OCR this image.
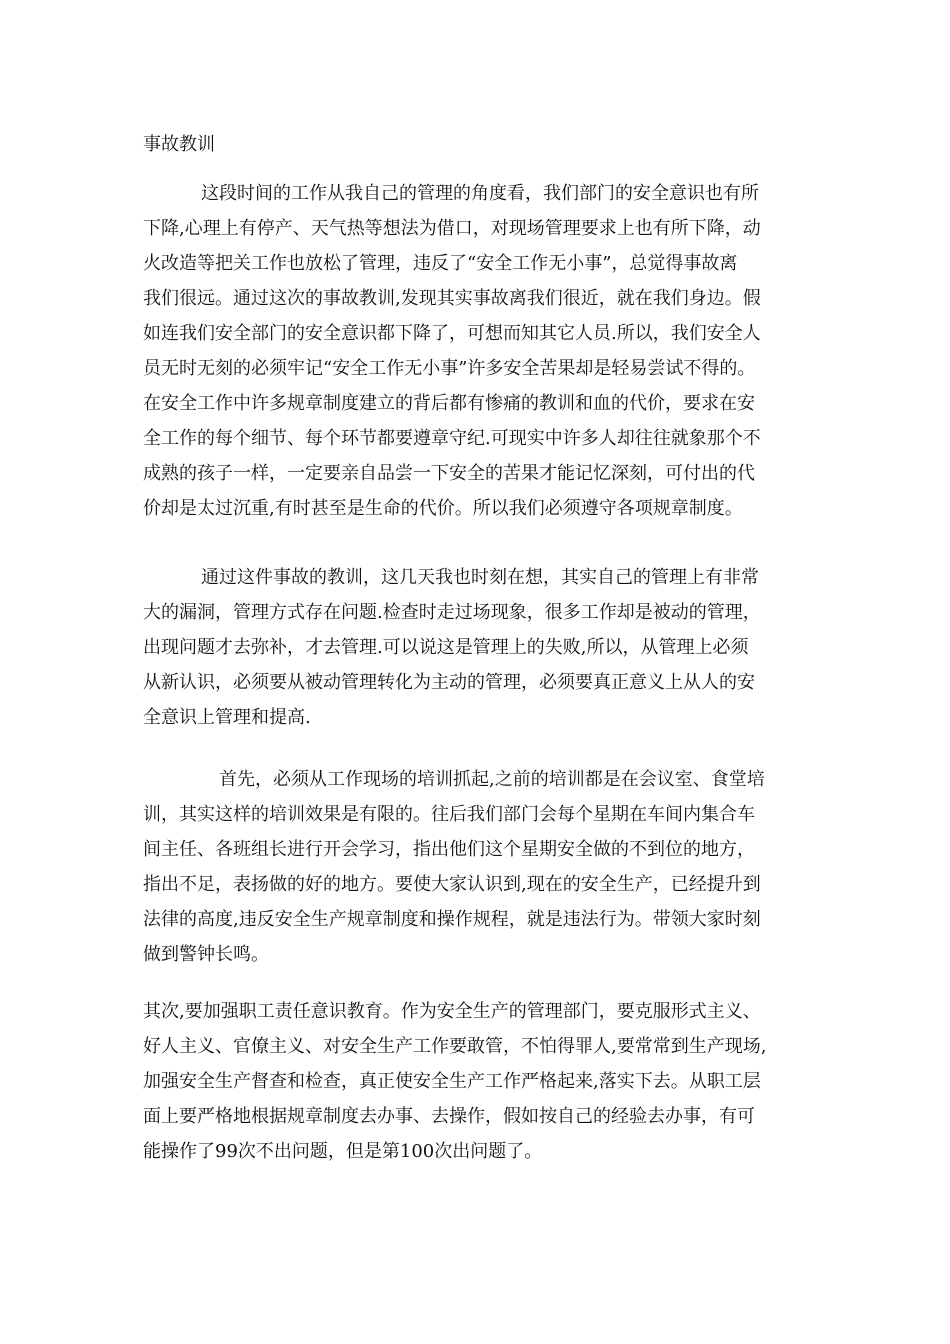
事故教训
这段时间的工作从我自己的管理的角度看，我们部门的安全意识也有所
下降,心理上有停产、天气热等想法为借口，对现场管理要求上也有所下降，动
火改造等把关工作也放松了管理，违反了“安全工作无小事”，总觉得事故离
我们很远。通过这次的事故教训,发现其实事故离我们很近，就在我们身边。假
如连我们安全部门的安全意识都下降了，可想而知其它人员.所以，我们安全人
员无时无刻的必须牢记“安全工作无小事”许多安全苦果却是轻易尝试不得的。
在安全工作中许多规章制度建立的背后都有惨痛的教训和血的代价，要求在安
全工作的每个细节、每个环节都要遵章守纪.可现实中许多人却往往就象那个不
成熟的孩子一样，一定要亲自品尝一下安全的苦果才能记忆深刻，可付出的代
价却是太过沉重,有时甚至是生命的代价。所以我们必须遵守各项规章制度。
通过这件事故的教训，这几天我也时刻在想，其实自己的管理上有非常
大的漏洞，管理方式存在问题.检查时走过场现象，很多工作却是被动的管理，
出现问题才去弥补，才去管理.可以说这是管理上的失败,所以，从管理上必须
从新认识，必须要从被动管理转化为主动的管理，必须要真正意义上从人的安
全意识上管理和提高.
首先，必须从工作现场的培训抓起,之前的培训都是在会议室、食堂培
训，其实这样的培训效果是有限的。往后我们部门会每个星期在车间内集合车
间主任、各班组长进行开会学习，指出他们这个星期安全做的不到位的地方，
指出不足，表扬做的好的地方。要使大家认识到,现在的安全生产，已经提升到
法律的高度,违反安全生产规章制度和操作规程，就是违法行为。带领大家时刻
做到警钟长鸣。
其次,要加强职工责任意识教育。作为安全生产的管理部门，要克服形式主义、
好人主义、官僚主义、对安全生产工作要敢管，不怕得罪人,要常常到生产现场,
加强安全生产督查和检查，真正使安全生产工作严格起来,落实下去。从职工层
面上要严格地根据规章制度去办事、去操作，假如按自己的经验去办事，有可
能操作了99次不出问题，但是第100次出问题了。
